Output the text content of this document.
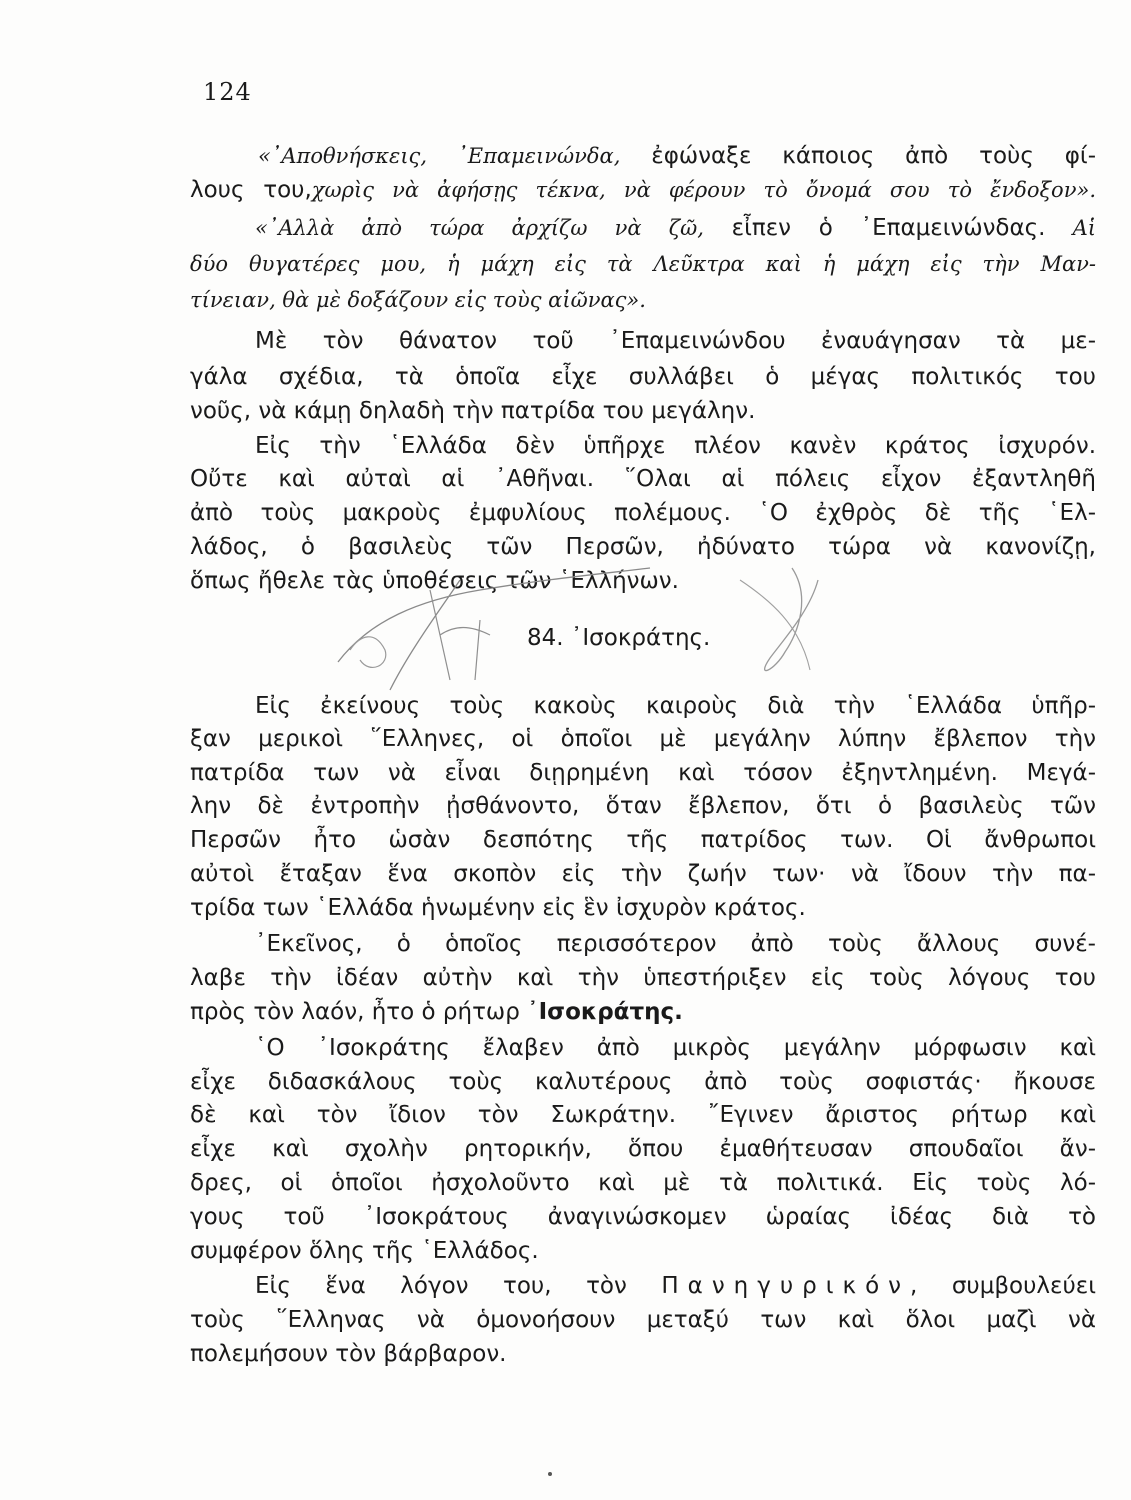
124
«᾿Αποθνήσκεις, ᾿Επαμεινώνδα, ἐφώναξε κάποιος ἀπὸ τοὺς φί-
λους του,χωρὶς νὰ ἀφήσῃς τέκνα, νὰ φέρουν τὸ ὄνομά σου τὸ ἔνδοξον».
«᾿Αλλὰ ἀπὸ τώρα ἀρχίζω νὰ ζῶ, εἶπεν ὁ ᾿Επαμεινώνδας. Αἱ
δύο θυγατέρες μου, ἡ μάχη εἰς τὰ Λεῦκτρα καὶ ἡ μάχη εἰς τὴν Μαν-
τίνειαν, θὰ μὲ δοξάζουν εἰς τοὺς αἰῶνας».
Μὲ τὸν θάνατον τοῦ ᾿Επαμεινώνδου ἐναυάγησαν τὰ με-
γάλα σχέδια, τὰ ὁποῖα εἶχε συλλάβει ὁ μέγας πολιτικός του
νοῦς, νὰ κάμῃ δηλαδὴ τὴν πατρίδα του μεγάλην.
Εἰς τὴν ῾Ελλάδα δὲν ὑπῆρχε πλέον κανὲν κράτος ἰσχυρόν.
Οὔτε καὶ αὐταὶ αἱ ᾿Αθῆναι. ῞Ολαι αἱ πόλεις εἶχον ἐξαντληθῆ
ἀπὸ τοὺς μακροὺς ἐμφυλίους πολέμους. ῾Ο ἐχθρὸς δὲ τῆς ῾Ελ-
λάδος, ὁ βασιλεὺς τῶν Περσῶν, ἠδύνατο τώρα νὰ κανονίζῃ,
ὅπως ἤθελε τὰς ὑποθέσεις τῶν ῾Ελλήνων.
84. ᾿Ισοκράτης.
Εἰς ἐκείνους τοὺς κακοὺς καιροὺς διὰ τὴν ῾Ελλάδα ὑπῆρ-
ξαν μερικοὶ ῞Ελληνες, οἱ ὁποῖοι μὲ μεγάλην λύπην ἔβλεπον τὴν
πατρίδα των νὰ εἶναι διῃρημένη καὶ τόσον ἐξηντλημένη. Μεγά-
λην δὲ ἐντροπὴν ᾐσθάνοντο, ὅταν ἔβλεπον, ὅτι ὁ βασιλεὺς τῶν
Περσῶν ἦτο ὡσὰν δεσπότης τῆς πατρίδος των. Οἱ ἄνθρωποι
αὐτοὶ ἔταξαν ἕνα σκοπὸν εἰς τὴν ζωήν των· νὰ ἴδουν τὴν πα-
τρίδα των ῾Ελλάδα ἡνωμένην εἰς ἓν ἰσχυρὸν κράτος.
᾿Εκεῖνος, ὁ ὁποῖος περισσότερον ἀπὸ τοὺς ἄλλους συνέ-
λαβε τὴν ἰδέαν αὐτὴν καὶ τὴν ὑπεστήριξεν εἰς τοὺς λόγους του
πρὸς τὸν λαόν, ἦτο ὁ ρήτωρ ᾿Ισοκράτης.
῾Ο ᾿Ισοκράτης ἔλαβεν ἀπὸ μικρὸς μεγάλην μόρφωσιν καὶ
εἶχε διδασκάλους τοὺς καλυτέρους ἀπὸ τοὺς σοφιστάς· ἤκουσε
δὲ καὶ τὸν ἴδιον τὸν Σωκράτην. ῎Εγινεν ἄριστος ρήτωρ καὶ
εἶχε καὶ σχολὴν ρητορικήν, ὅπου ἐμαθήτευσαν σπουδαῖοι ἄν-
δρες, οἱ ὁποῖοι ἠσχολοῦντο καὶ μὲ τὰ πολιτικά. Εἰς τοὺς λό-
γους τοῦ ᾿Ισοκράτους ἀναγινώσκομεν ὡραίας ἰδέας διὰ τὸ
συμφέρον ὅλης τῆς ῾Ελλάδος.
Εἰς ἕνα λόγον του, τὸν Πανηγυρικόν, συμβουλεύει
τοὺς ῞Ελληνας νὰ ὁμονοήσουν μεταξύ των καὶ ὅλοι μαζὶ νὰ
πολεμήσουν τὸν βάρβαρον.
